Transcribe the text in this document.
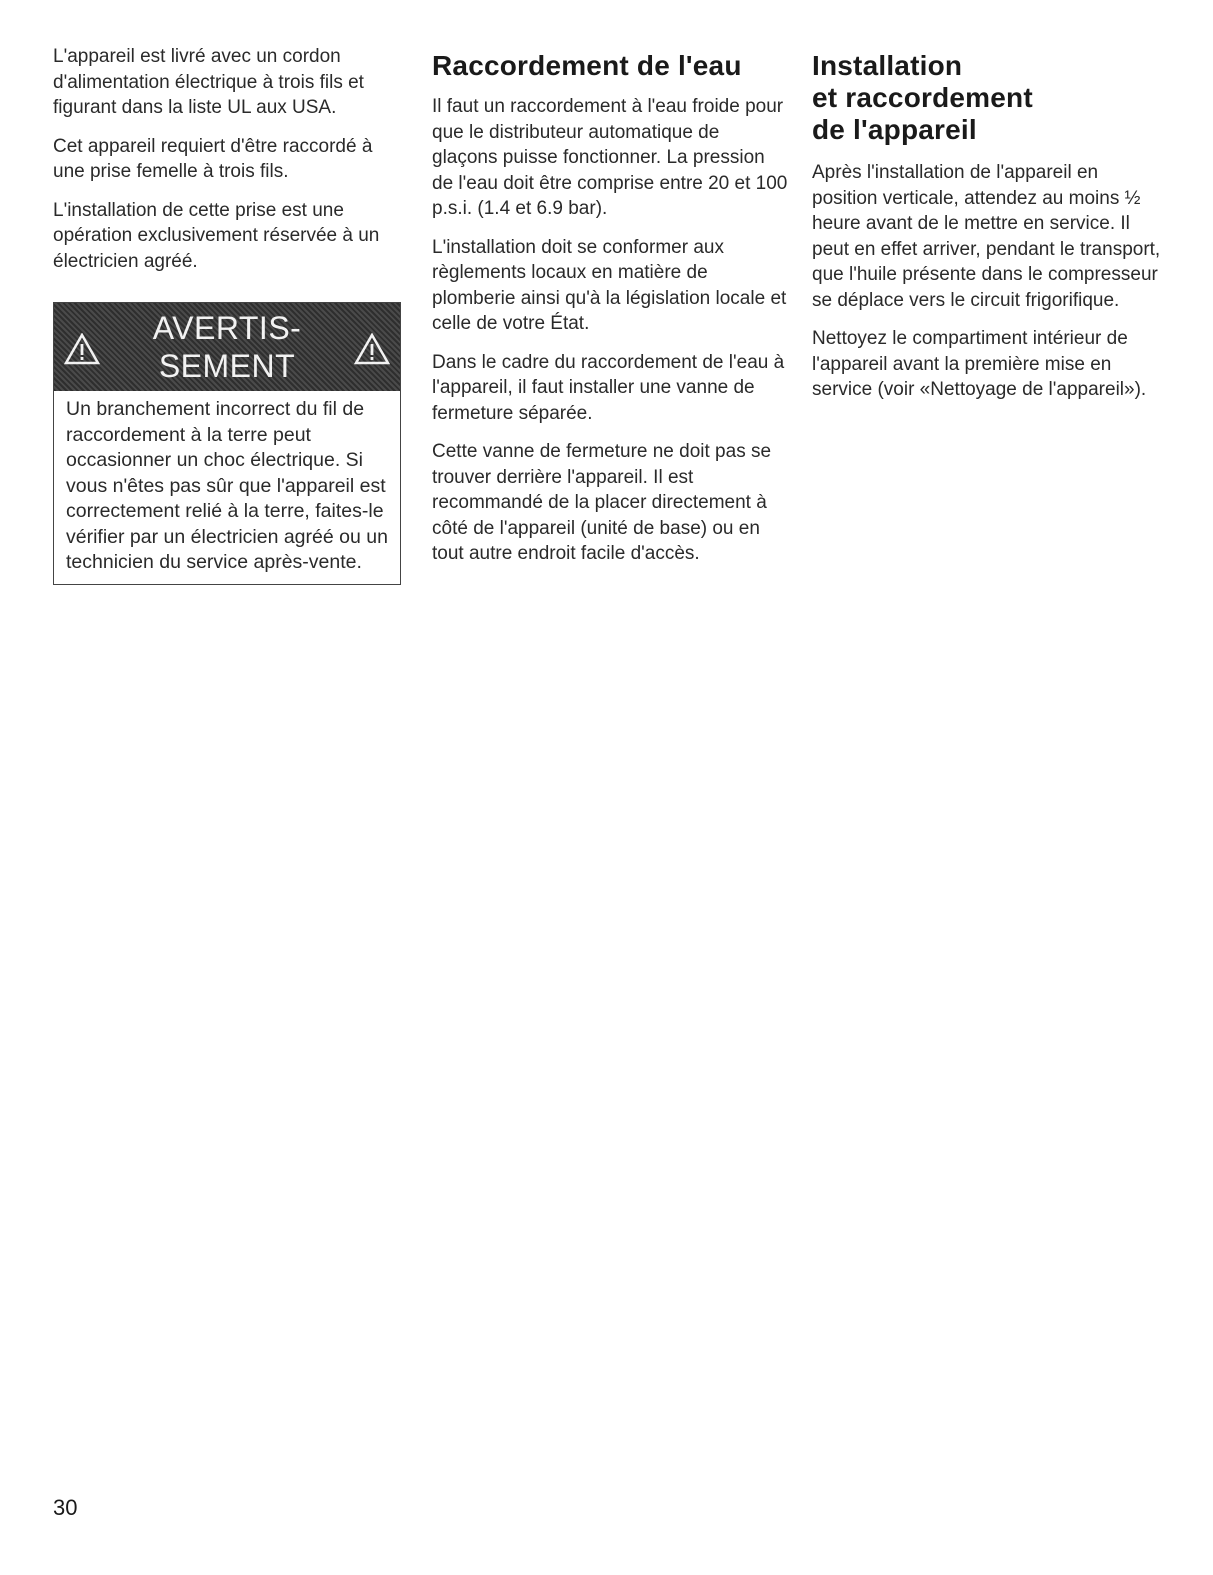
L'appareil est livré avec un cordon d'alimentation électrique à trois fils et figurant dans la liste UL aux USA.

Cet appareil requiert d'être raccordé à une prise femelle à trois fils.

L'installation de cette prise est une opération exclusivement réservée à un électricien agréé.

AVERTIS-
SEMENT

Un branchement incorrect du fil de raccordement à la terre peut occasionner un choc électrique. Si vous n'êtes pas sûr que l'appareil est correctement relié à la terre, faites-le vérifier par un électricien agréé ou un technicien du service après-vente.

Raccordement de l'eau

Il faut un raccordement à l'eau froide pour que le distributeur automatique de glaçons puisse fonctionner. La pression de l'eau doit être comprise entre 20 et 100 p.s.i. (1.4 et 6.9 bar).

L'installation doit se conformer aux règlements locaux en matière de plomberie ainsi qu'à la législation locale et celle de votre État.

Dans le cadre du raccordement de l'eau à l'appareil, il faut installer une vanne de fermeture séparée.

Cette vanne de fermeture ne doit pas se trouver derrière l'appareil. Il est recommandé de la placer directement à côté de l'appareil (unité de base) ou en tout autre endroit facile d'accès.

Installation
et raccordement
de l'appareil

Après l'installation de l'appareil en position verticale, attendez au moins ½ heure avant de le mettre en service. Il peut en effet arriver, pendant le transport, que l'huile présente dans le compresseur se déplace vers le circuit frigorifique.

Nettoyez le compartiment intérieur de l'appareil avant la première mise en service (voir «Nettoyage de l'appareil»).

30
